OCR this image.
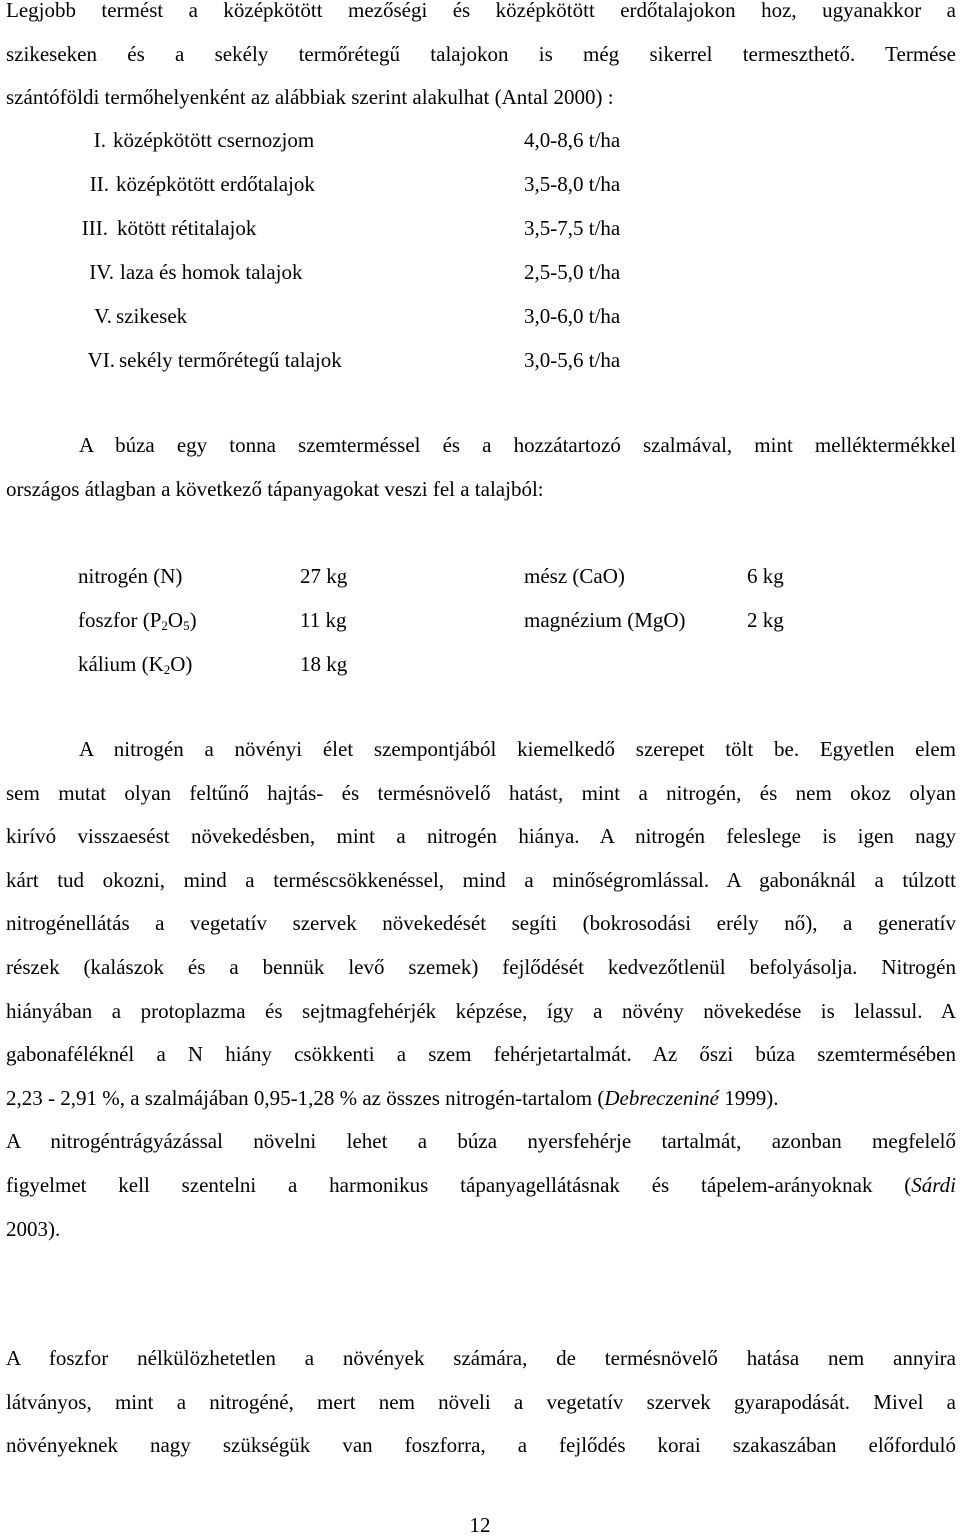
Legjobb termést a középkötött mezőségi és középkötött erdőtalajokon hoz, ugyanakkor a
szikeseken és a sekély termőrétegű talajokon is még sikerrel termeszthető. Termése
szántóföldi termőhelyenként az alábbiak szerint alakulhat (Antal 2000) :
I. középkötött csernozjom	4,0-8,6 t/ha
II. középkötött erdőtalajok	3,5-8,0 t/ha
III. kötött rétitalajok	3,5-7,5 t/ha
IV. laza és homok talajok	2,5-5,0 t/ha
V. szikesek	3,0-6,0 t/ha
VI. sekély termőrétegű talajok	3,0-5,6 t/ha
A búza egy tonna szemterméssel és a hozzátartozó szalmával, mint melléktermékkel
országos átlagban a következő tápanyagokat veszi fel a talajból:
nitrogén (N)	27 kg	mész (CaO)	6 kg
foszfor $(P_2O_5)$	11 kg	magnézium (MgO)	2 kg
kálium $(K_2O)$	18 kg
A nitrogén a növényi élet szempontjából kiemelkedő szerepet tölt be. Egyetlen elem
sem mutat olyan feltűnő hajtás- és termésnövelő hatást, mint a nitrogén, és nem okoz olyan
kirívó visszaesést növekedésben, mint a nitrogén hiánya. A nitrogén feleslege is igen nagy
kárt tud okozni, mind a terméscsökkenéssel, mind a minőségromlással. A gabonáknál a túlzott
nitrogénellátás a vegetatív szervek növekedését segíti (bokrosodási erély nő), a generatív
részek (kalászok és a bennük levő szemek) fejlődését kedvezőtlenül befolyásolja. Nitrogén
hiányában a protoplazma és sejtmagfehérjék képzése, így a növény növekedése is lelassul. A
gabonaféléknél a N hiány csökkenti a szem fehérjetartalmát. Az őszi búza szemtermésében
2,23 - 2,91 %, a szalmájában 0,95-1,28 % az összes nitrogén-tartalom (Debreczeniné 1999).
A nitrogéntrágyázással növelni lehet a búza nyersfehérje tartalmát, azonban megfelelő
figyelmet kell szentelni a harmonikus tápanyagellátásnak és tápelem-arányoknak (Sárdi
2003).
A foszfor nélkülözhetetlen a növények számára, de termésnövelő hatása nem annyira
látványos, mint a nitrogéné, mert nem növeli a vegetatív szervek gyarapodását. Mivel a
növényeknek nagy szükségük van foszforra, a fejlődés korai szakaszában előforduló
12
